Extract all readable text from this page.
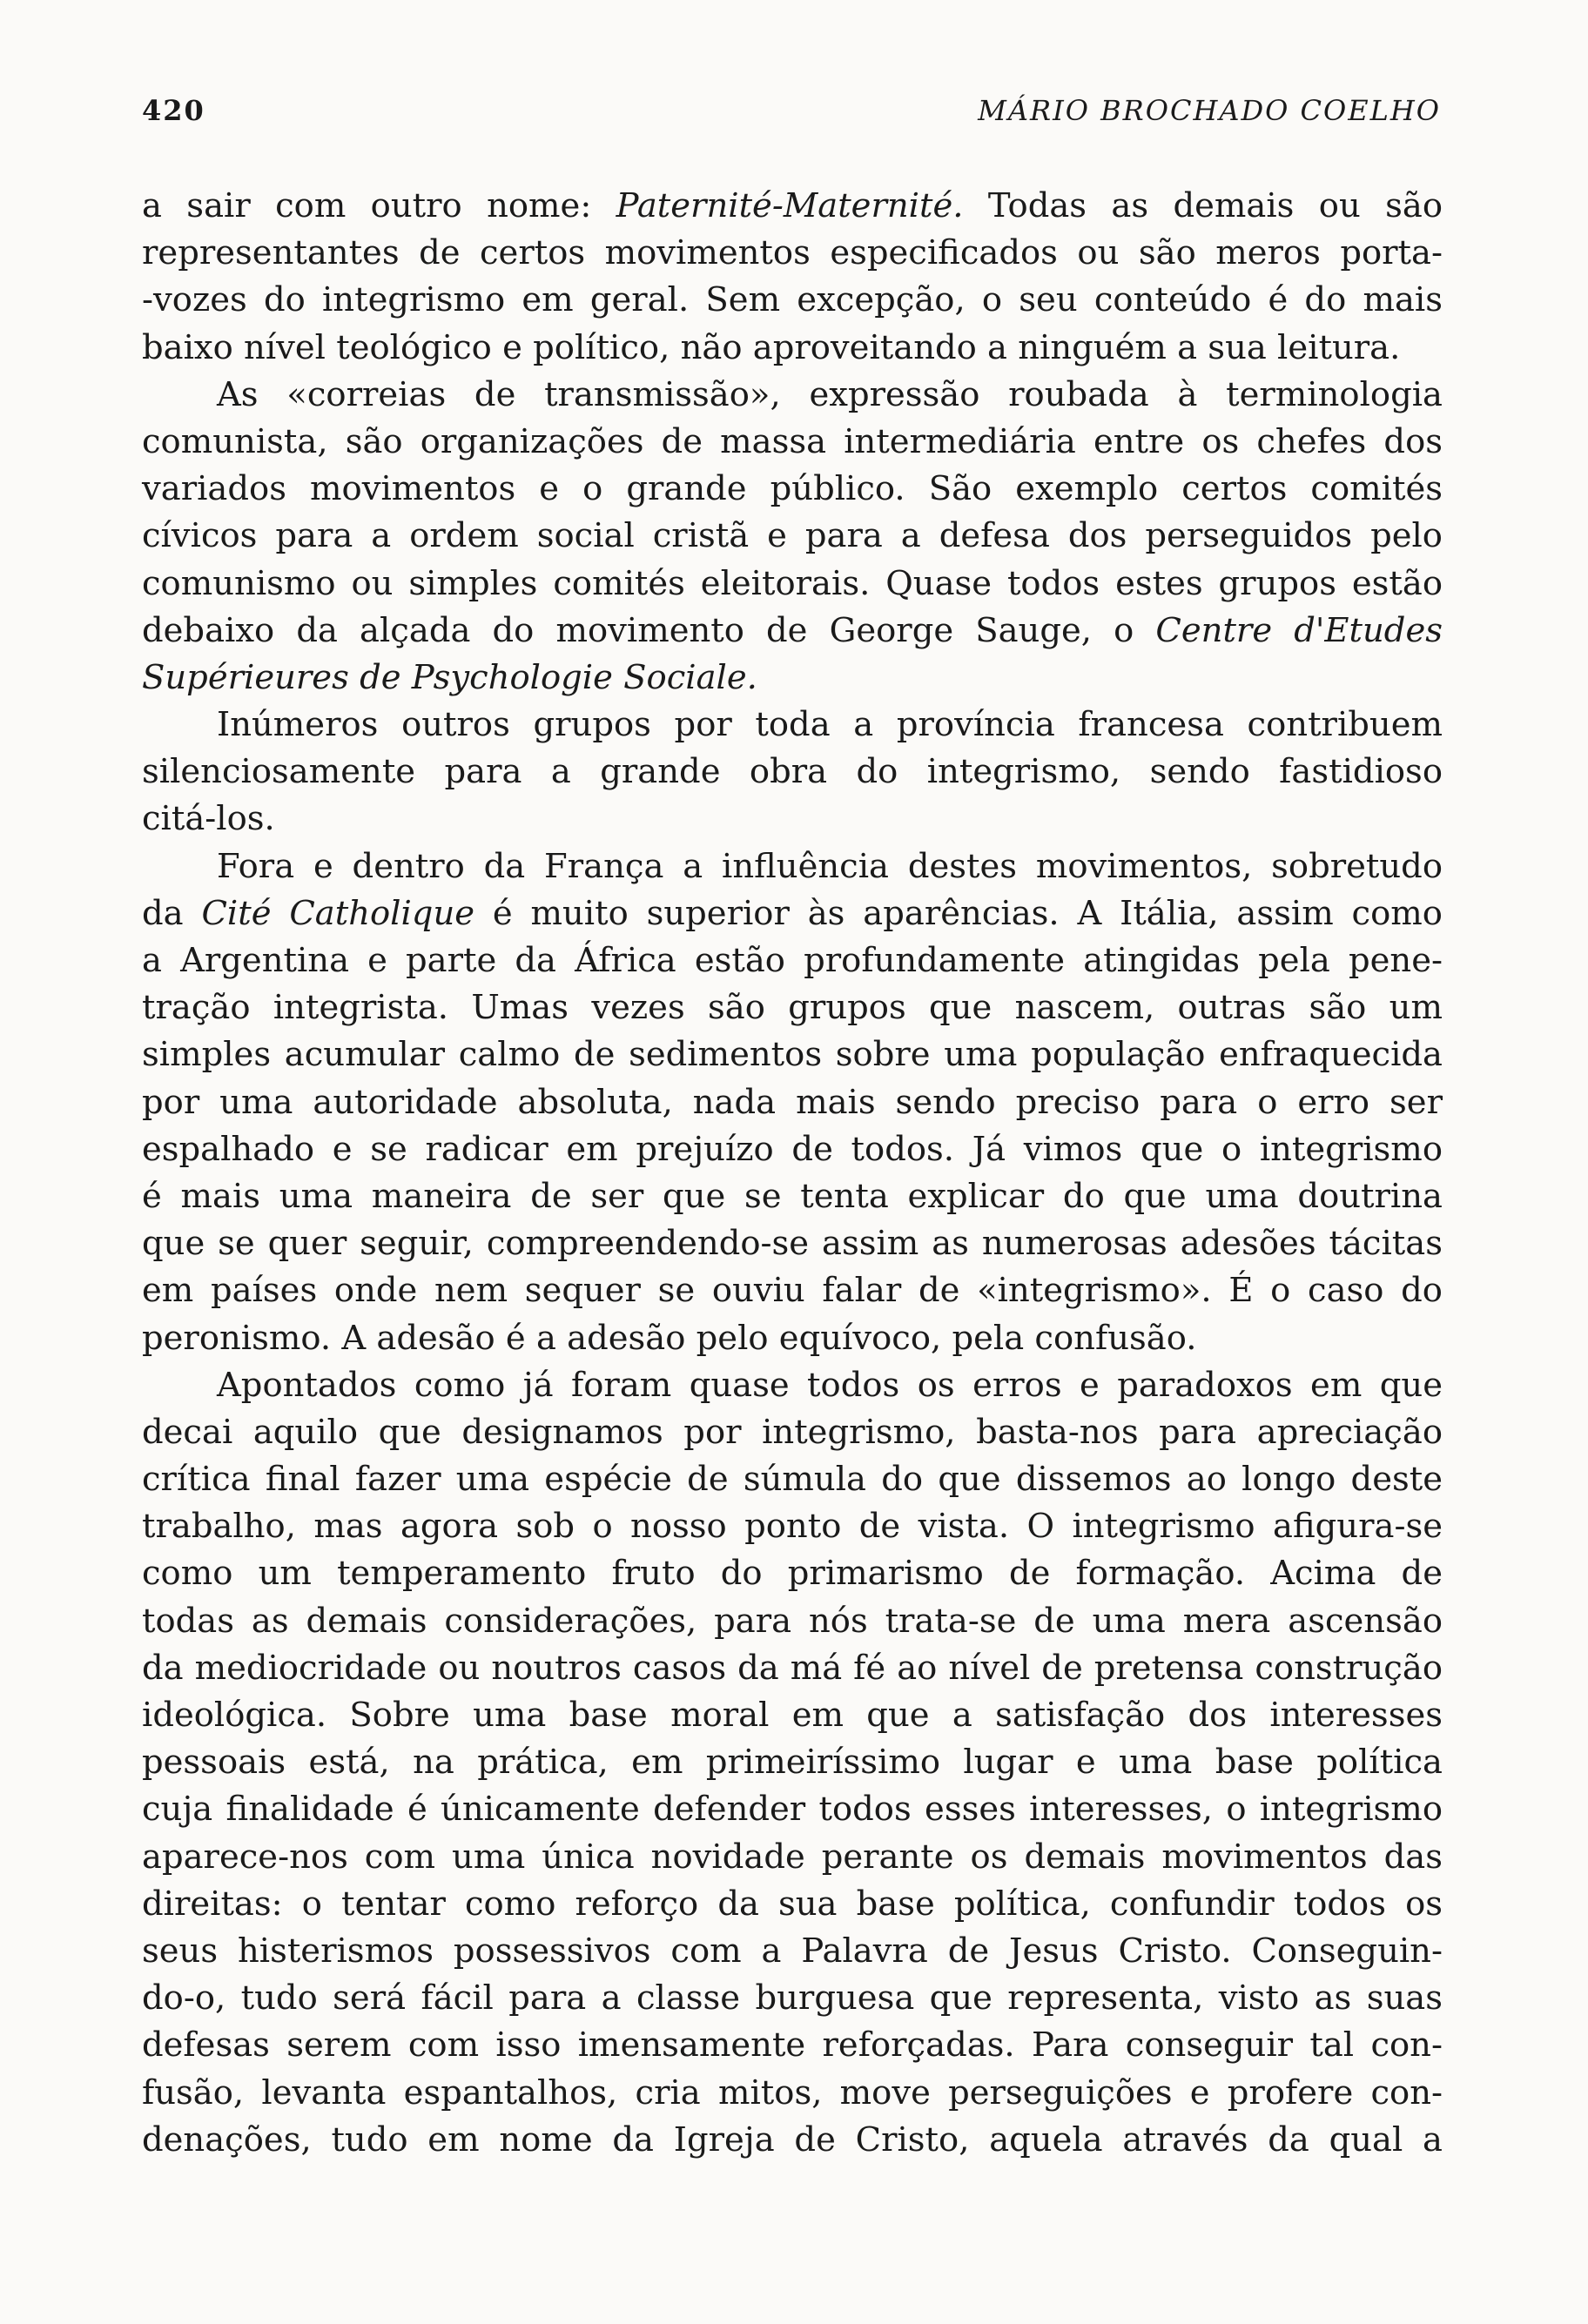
420	MÁRIO BROCHADO COELHO
a sair com outro nome: Paternité-Maternité. Todas as demais ou são
representantes de certos movimentos especificados ou são meros porta-
-vozes do integrismo em geral. Sem excepção, o seu conteúdo é do mais
baixo nível teológico e político, não aproveitando a ninguém a sua leitura.
As «correias de transmissão», expressão roubada à terminologia
comunista, são organizações de massa intermediária entre os chefes dos
variados movimentos e o grande público. São exemplo certos comités
cívicos para a ordem social cristã e para a defesa dos perseguidos pelo
comunismo ou simples comités eleitorais. Quase todos estes grupos estão
debaixo da alçada do movimento de George Sauge, o Centre d'Etudes
Supérieures de Psychologie Sociale.
Inúmeros outros grupos por toda a província francesa contribuem
silenciosamente para a grande obra do integrismo, sendo fastidioso
citá-los.
Fora e dentro da França a influência destes movimentos, sobretudo
da Cité Catholique é muito superior às aparências. A Itália, assim como
a Argentina e parte da África estão profundamente atingidas pela pene-
tração integrista. Umas vezes são grupos que nascem, outras são um
simples acumular calmo de sedimentos sobre uma população enfraquecida
por uma autoridade absoluta, nada mais sendo preciso para o erro ser
espalhado e se radicar em prejuízo de todos. Já vimos que o integrismo
é mais uma maneira de ser que se tenta explicar do que uma doutrina
que se quer seguir, compreendendo-se assim as numerosas adesões tácitas
em países onde nem sequer se ouviu falar de «integrismo». É o caso do
peronismo. A adesão é a adesão pelo equívoco, pela confusão.
Apontados como já foram quase todos os erros e paradoxos em que
decai aquilo que designamos por integrismo, basta-nos para apreciação
crítica final fazer uma espécie de súmula do que dissemos ao longo deste
trabalho, mas agora sob o nosso ponto de vista. O integrismo afigura-se
como um temperamento fruto do primarismo de formação. Acima de
todas as demais considerações, para nós trata-se de uma mera ascensão
da mediocridade ou noutros casos da má fé ao nível de pretensa construção
ideológica. Sobre uma base moral em que a satisfação dos interesses
pessoais está, na prática, em primeiríssimo lugar e uma base política
cuja finalidade é únicamente defender todos esses interesses, o integrismo
aparece-nos com uma única novidade perante os demais movimentos das
direitas: o tentar como reforço da sua base política, confundir todos os
seus histerismos possessivos com a Palavra de Jesus Cristo. Conseguin-
do-o, tudo será fácil para a classe burguesa que representa, visto as suas
defesas serem com isso imensamente reforçadas. Para conseguir tal con-
fusão, levanta espantalhos, cria mitos, move perseguições e profere con-
denações, tudo em nome da Igreja de Cristo, aquela através da qual a
